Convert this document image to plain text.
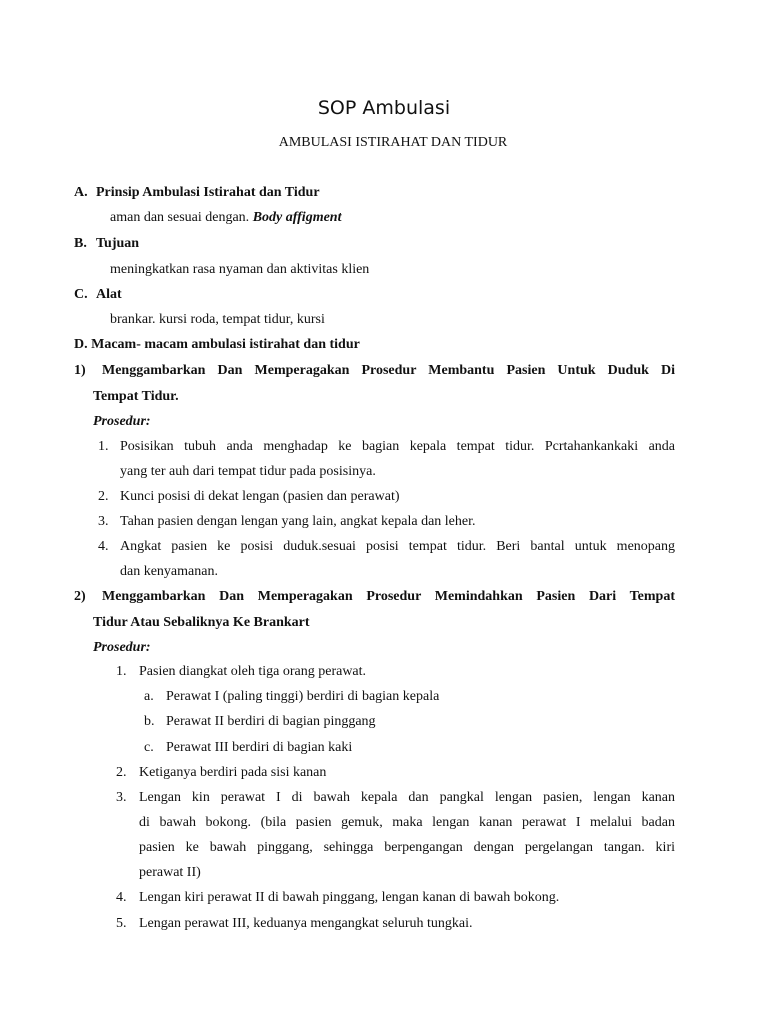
SOP Ambulasi
AMBULASI ISTIRAHAT DAN TIDUR
A. Prinsip Ambulasi Istirahat dan Tidur
aman dan sesuai dengan. Body affigment
B. Tujuan
meningkatkan rasa nyaman dan aktivitas klien
C. Alat
brankar. kursi roda, tempat tidur, kursi
D. Macam- macam ambulasi istirahat dan tidur
1) Menggambarkan Dan Memperagakan Prosedur Membantu Pasien Untuk Duduk Di
Tempat Tidur.
Prosedur:
1. Posisikan tubuh anda menghadap ke bagian kepala tempat tidur. Pcrtahankankaki anda
yang ter auh dari tempat tidur pada posisinya.
2. Kunci posisi di dekat lengan (pasien dan perawat)
3. Tahan pasien dengan lengan yang lain, angkat kepala dan leher.
4. Angkat pasien ke posisi duduk.sesuai posisi tempat tidur. Beri bantal untuk menopang
dan kenyamanan.
2) Menggambarkan Dan Memperagakan Prosedur Memindahkan Pasien Dari Tempat
Tidur Atau Sebaliknya Ke Brankart
Prosedur:
1. Pasien diangkat oleh tiga orang perawat.
a. Perawat I (paling tinggi) berdiri di bagian kepala
b. Perawat II berdiri di bagian pinggang
c. Perawat III berdiri di bagian kaki
2. Ketiganya berdiri pada sisi kanan
3. Lengan kin perawat I di bawah kepala dan pangkal lengan pasien, lengan kanan
di bawah bokong. (bila pasien gemuk, maka lengan kanan perawat I melalui badan
pasien ke bawah pinggang, sehingga berpengangan dengan pergelangan tangan. kiri
perawat II)
4. Lengan kiri perawat II di bawah pinggang, lengan kanan di bawah bokong.
5. Lengan perawat III, keduanya mengangkat seluruh tungkai.
